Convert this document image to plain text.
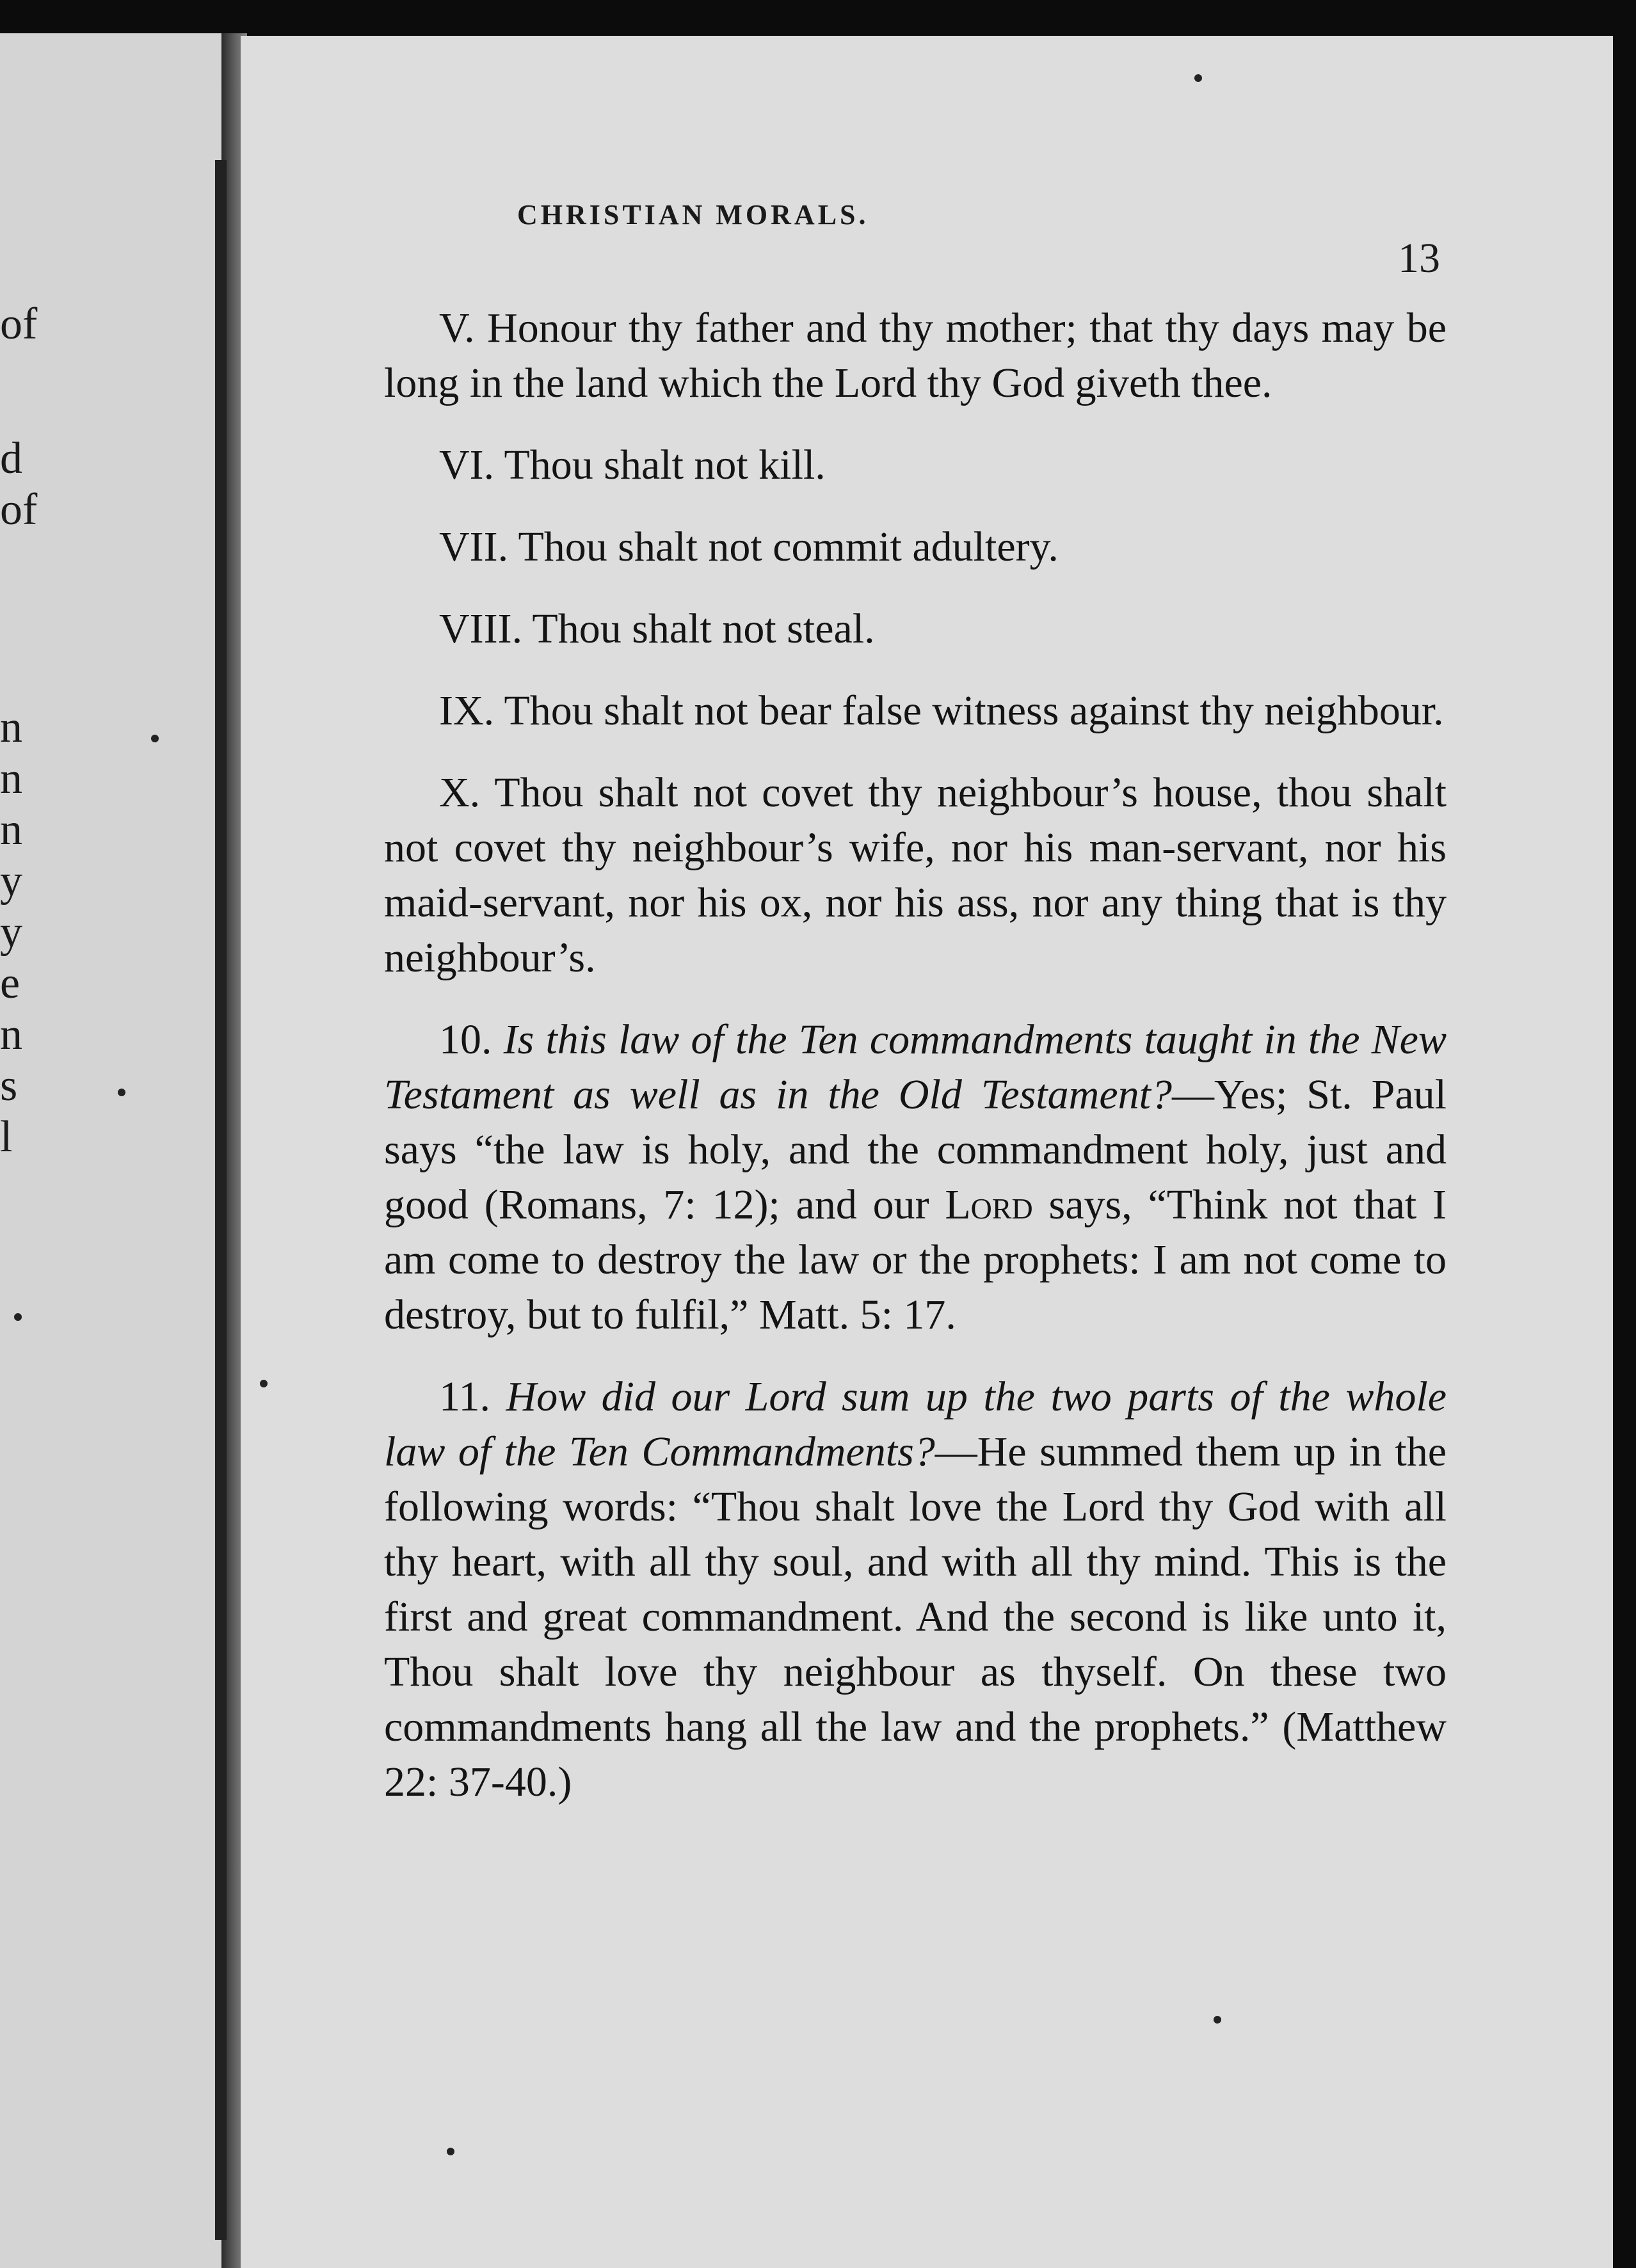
of
d
of
n
n
n
y
y
e
n
s
l
CHRISTIAN MORALS.
13

V. Honour thy father and thy mother; that thy days may be long in the land which the Lord thy God giveth thee.

VI. Thou shalt not kill.

VII. Thou shalt not commit adultery.

VIII. Thou shalt not steal.

IX. Thou shalt not bear false witness against thy neighbour.

X. Thou shalt not covet thy neighbour’s house, thou shalt not covet thy neighbour’s wife, nor his man-servant, nor his maid-servant, nor his ox, nor his ass, nor any thing that is thy neighbour’s.

10. Is this law of the Ten commandments taught in the New Testament as well as in the Old Testament?—Yes; St. Paul says “the law is holy, and the commandment holy, just and good (Romans, 7: 12); and our Lord says, “Think not that I am come to destroy the law or the prophets: I am not come to destroy, but to fulfil,” Matt. 5: 17.

11. How did our Lord sum up the two parts of the whole law of the Ten Commandments?—He summed them up in the following words: “Thou shalt love the Lord thy God with all thy heart, with all thy soul, and with all thy mind. This is the first and great commandment. And the second is like unto it, Thou shalt love thy neighbour as thyself. On these two commandments hang all the law and the prophets.” (Matthew 22: 37-40.)
